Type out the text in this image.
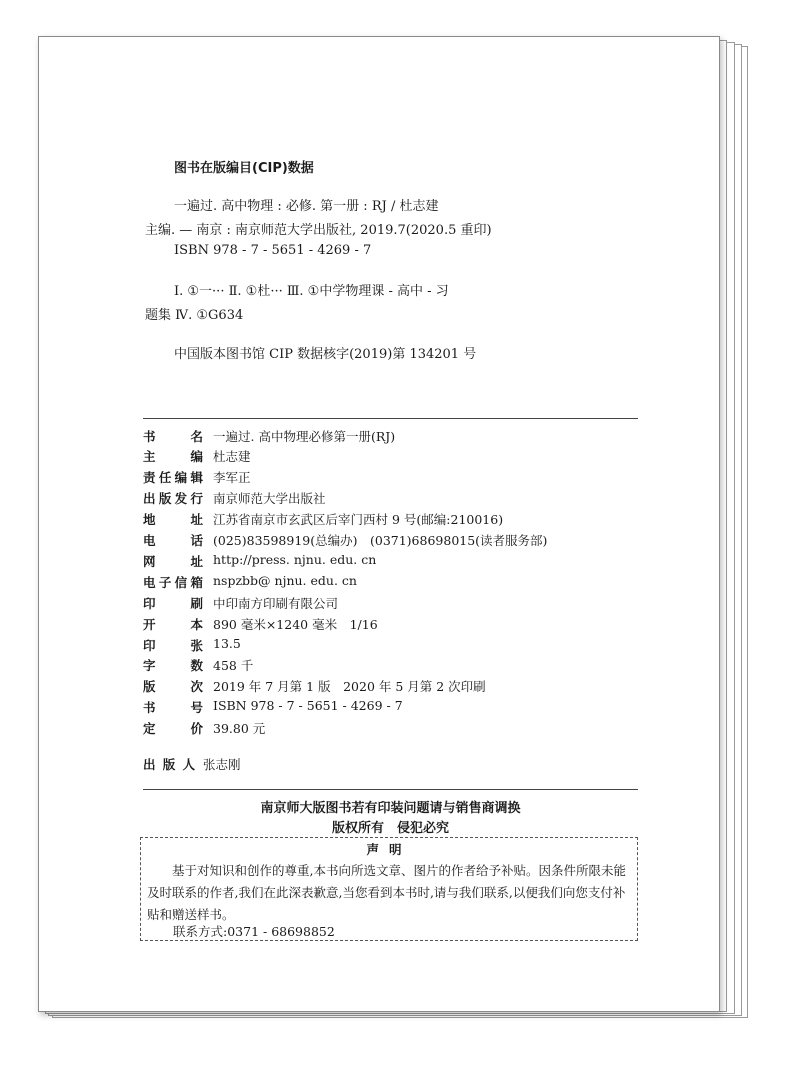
图书在版编目(CIP)数据
一遍过. 高中物理 : 必修. 第一册 : RJ / 杜志建
主编. — 南京 : 南京师范大学出版社, 2019.7(2020.5 重印)
ISBN 978 - 7 - 5651 - 4269 - 7
Ⅰ. ①一··· Ⅱ. ①杜··· Ⅲ. ①中学物理课 - 高中 - 习
题集 Ⅳ. ①G634
中国版本图书馆 CIP 数据核字(2019)第 134201 号
书　名 一遍过. 高中物理必修第一册(RJ)
主　编 杜志建
责任编辑 李军正
出版发行 南京师范大学出版社
地　址 江苏省南京市玄武区后宰门西村 9 号(邮编:210016)
电　话 (025)83598919(总编办)　(0371)68698015(读者服务部)
网　址 http://press. njnu. edu. cn
电子信箱 nspzbb@ njnu. edu. cn
印　刷 中印南方印刷有限公司
开　本 890 毫米×1240 毫米　1/16
印　张 13.5
字　数 458 千
版　次 2019 年 7 月第 1 版　2020 年 5 月第 2 次印刷
书　号 ISBN 978 - 7 - 5651 - 4269 - 7
定　价 39.80 元
出 版 人 张志刚
南京师大版图书若有印装问题请与销售商调换
版权所有　侵犯必究
声明
基于对知识和创作的尊重,本书向所选文章、图片的作者给予补贴。因条件所限未能及时联系的作者,我们在此深表歉意,当您看到本书时,请与我们联系,以便我们向您支付补贴和赠送样书。
联系方式:0371 - 68698852
